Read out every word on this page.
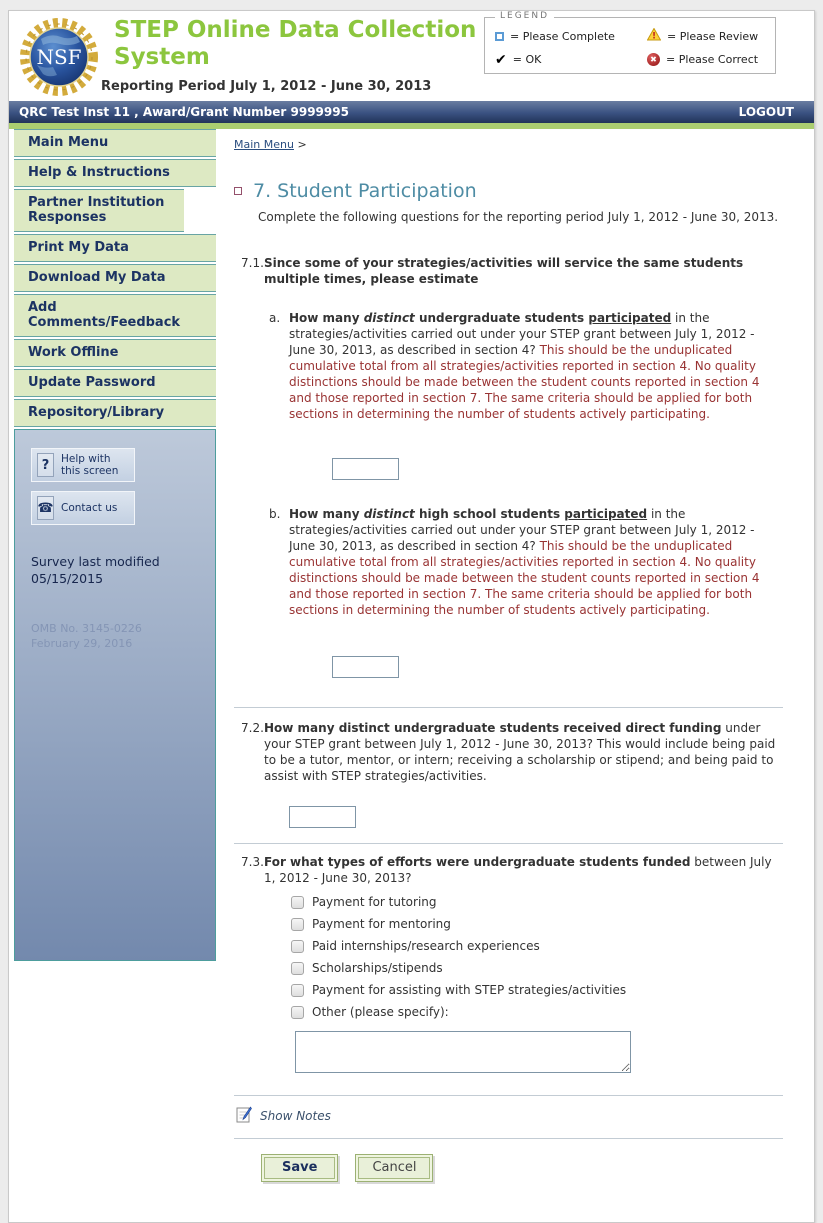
NSF
STEP Online Data Collection System
Reporting Period July 1, 2012 - June 30, 2013
LEGEND
= Please Complete	! = Please Review
✔ = OK	✖ = Please Correct
QRC Test Inst 11 , Award/Grant Number 9999995	LOGOUT
Main Menu
Help & Instructions
Partner Institution Responses
Print My Data
Download My Data
Add Comments/Feedback
Work Offline
Update Password
Repository/Library
?	Help with this screen
☎ Contact us
Survey last modified
05/15/2015
OMB No. 3145-0226
February 29, 2016
Main Menu >
7. Student Participation
Complete the following questions for the reporting period July 1, 2012 - June 30, 2013.
7.1. Since some of your strategies/activities will service the same students multiple times, please estimate
a. How many distinct undergraduate students participated in the strategies/activities carried out under your STEP grant between July 1, 2012 - June 30, 2013, as described in section 4? This should be the unduplicated cumulative total from all strategies/activities reported in section 4. No quality distinctions should be made between the student counts reported in section 4 and those reported in section 7. The same criteria should be applied for both sections in determining the number of students actively participating.
b. How many distinct high school students participated in the strategies/activities carried out under your STEP grant between July 1, 2012 - June 30, 2013, as described in section 4? This should be the unduplicated cumulative total from all strategies/activities reported in section 4. No quality distinctions should be made between the student counts reported in section 4 and those reported in section 7. The same criteria should be applied for both sections in determining the number of students actively participating.
7.2. How many distinct undergraduate students received direct funding under your STEP grant between July 1, 2012 - June 30, 2013? This would include being paid to be a tutor, mentor, or intern; receiving a scholarship or stipend; and being paid to assist with STEP strategies/activities.
7.3. For what types of efforts were undergraduate students funded between July 1, 2012 - June 30, 2013?
Payment for tutoring
Payment for mentoring
Paid internships/research experiences
Scholarships/stipends
Payment for assisting with STEP strategies/activities
Other (please specify):
Show Notes
Save	Cancel
